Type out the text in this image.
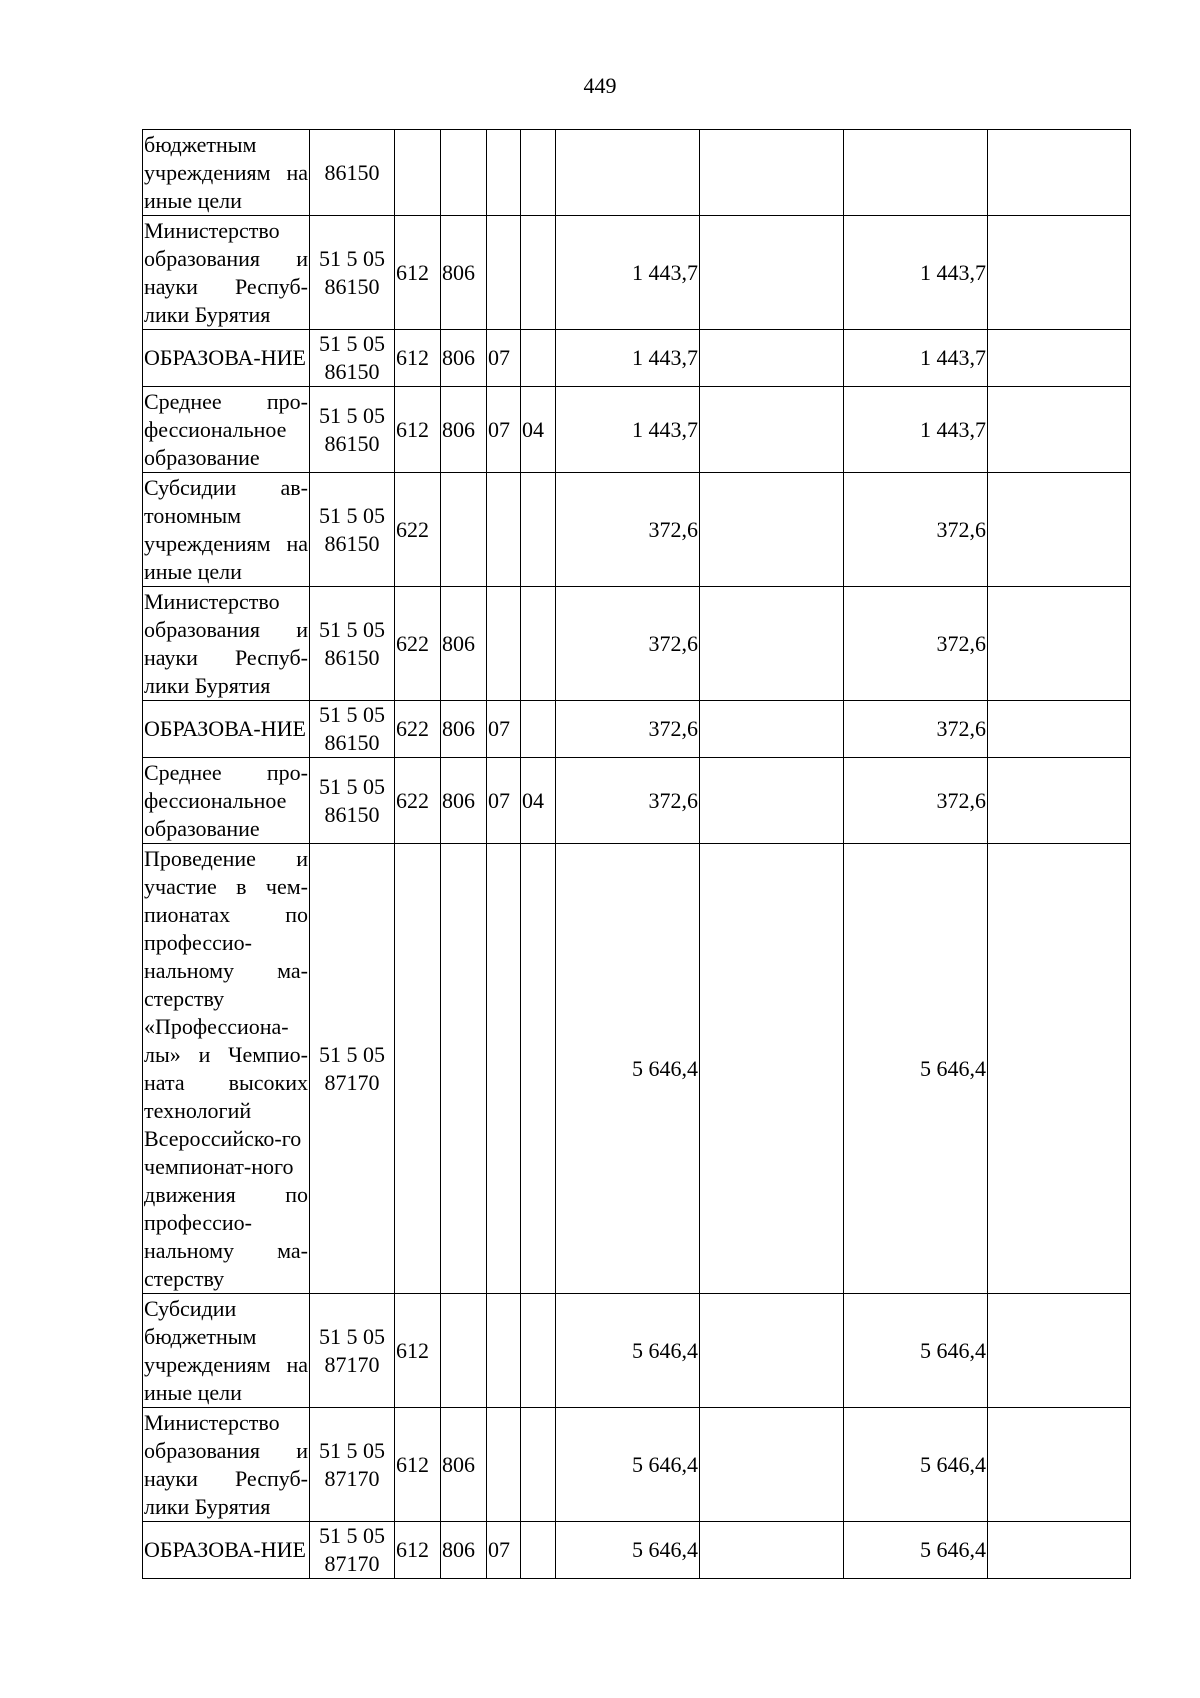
449
бюджетным учреждениям на иные цели	86150								
Министерство образования и науки Респуб-лики Бурятия	51 5 05 86150	612	806			1 443,7		1 443,7	
ОБРАЗОВА-НИЕ	51 5 05 86150	612	806	07		1 443,7		1 443,7	
Среднее про-фессиональное образование	51 5 05 86150	612	806	07	04	1 443,7		1 443,7	
Субсидии ав-тономным учреждениям на иные цели	51 5 05 86150	622				372,6		372,6	
Министерство образования и науки Респуб-лики Бурятия	51 5 05 86150	622	806			372,6		372,6	
ОБРАЗОВА-НИЕ	51 5 05 86150	622	806	07		372,6		372,6	
Среднее про-фессиональное образование	51 5 05 86150	622	806	07	04	372,6		372,6	
Проведение и участие в чем-пионатах по профессио-нальному ма-стерству «Профессиона-лы» и Чемпио-ната высоких технологий Всероссийско-го чемпионат-ного движения по профессио-нальному ма-стерству	51 5 05 87170					5 646,4		5 646,4	
Субсидии бюджетным учреждениям на иные цели	51 5 05 87170	612				5 646,4		5 646,4	
Министерство образования и науки Респуб-лики Бурятия	51 5 05 87170	612	806			5 646,4		5 646,4	
ОБРАЗОВА-НИЕ	51 5 05 87170	612	806	07		5 646,4		5 646,4	
